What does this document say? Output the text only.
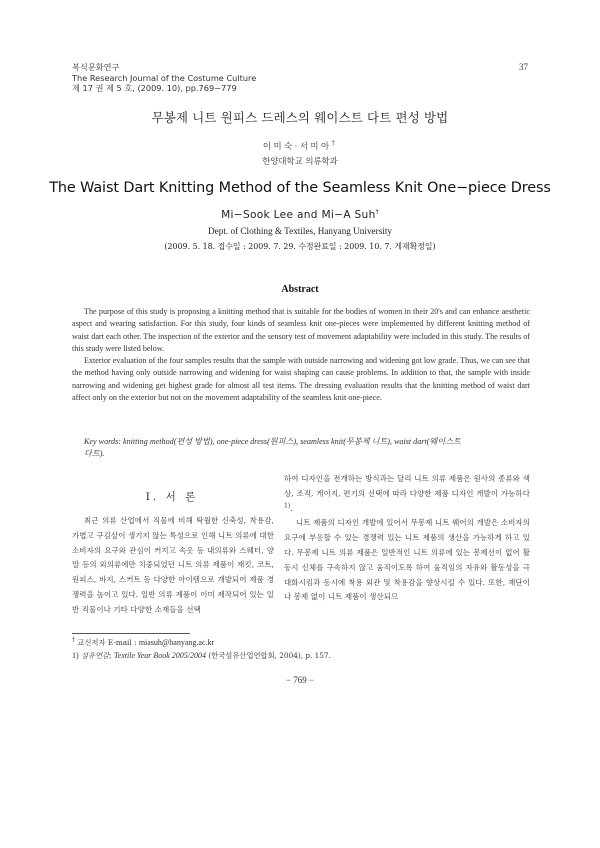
복식문화연구
The Research Journal of the Costume Culture
제 17 권 제 5 호, (2009. 10), pp.769∼779
37
무봉제 니트 원피스 드레스의 웨이스트 다트 편성 방법
이미숙·서미아†
한양대학교 의류학과
The Waist Dart Knitting Method of the Seamless Knit One−piece Dress
Mi−Sook Lee and Mi−A Suh†
Dept. of Clothing & Textiles, Hanyang University
(2009. 5. 18. 접수일 : 2009. 7. 29. 수정완료일 : 2009. 10. 7. 게재확정일)
Abstract

The purpose of this study is proposing a knitting method that is suitable for the bodies of women in their 20's and can enhance aesthetic aspect and wearing satisfaction. For this study, four kinds of seamless knit one-pieces were implemented by different knitting method of waist dart each other. The inspection of the exterior and the sensory test of movement adaptability were included in this study. The results of this study were listed below.

Exterior evaluation of the four samples results that the sample with outside narrowing and widening got low grade. Thus, we can see that the method having only outside narrowing and widening for waist shaping can cause problems. In addition to that, the sample with inside narrowing and widening get highest grade for almost all test items. The dressing evaluation results that the knitting method of waist dart affect only on the exterior but not on the movement adaptability of the seamless knit one-piece.

Key words: knitting method(편성 방법), one-piece dress(원피스), seamless knit(무봉제 니트), waist dart(웨이스트 다트).
Ⅰ. 서 론

최근 의류 산업에서 직물에 비해 탁월한 신축성, 착용감, 가볍고 구김살이 생기지 않는 특성으로 인해 니트 의류에 대한 소비자의 요구와 관심이 커지고 속옷 등 내의류와 스웨터, 양말 등의 외의류에만 치중되었던 니트 의류 제품이 재킷, 코트, 원피스, 바지, 스커트 등 다양한 아이템으로 개발되어 제품 경쟁력을 높이고 있다. 일반 의류 제품이 이미 제작되어 있는 일반 직물이나 기타 다양한 소재들을 선택

하여 디자인을 전개하는 방식과는 달리 니트 의류 제품은 원사의 종류와 색상, 조직, 게이지, 편기의 선택에 따라 다양한 제품 디자인 개발이 가능하다$^{1)}$.

니트 제품의 디자인 개발에 있어서 무봉제 니트 웨어의 개발은 소비자의 요구에 부응할 수 있는 경쟁력 있는 니트 제품의 생산을 가능하게 하고 있다. 무봉제 니트 의류 제품은 일반적인 니트 의류에 있는 봉제선이 없어 활동시 신체를 구속하지 않고 움직이도록 하여 움직임의 자유와 활동성을 극대화시킴과 동시에 착용 외관 및 착용감을 향상시킬 수 있다. 또한, 재단이나 봉제 없이 니트 제품이 생산되므

† 교신저자 E-mail : miasuh@hanyang.ac.kr
1) 섬유연감; Textile Year Book 2005/2004 (한국섬유산업연합회, 2004), p. 157.
− 769 −
